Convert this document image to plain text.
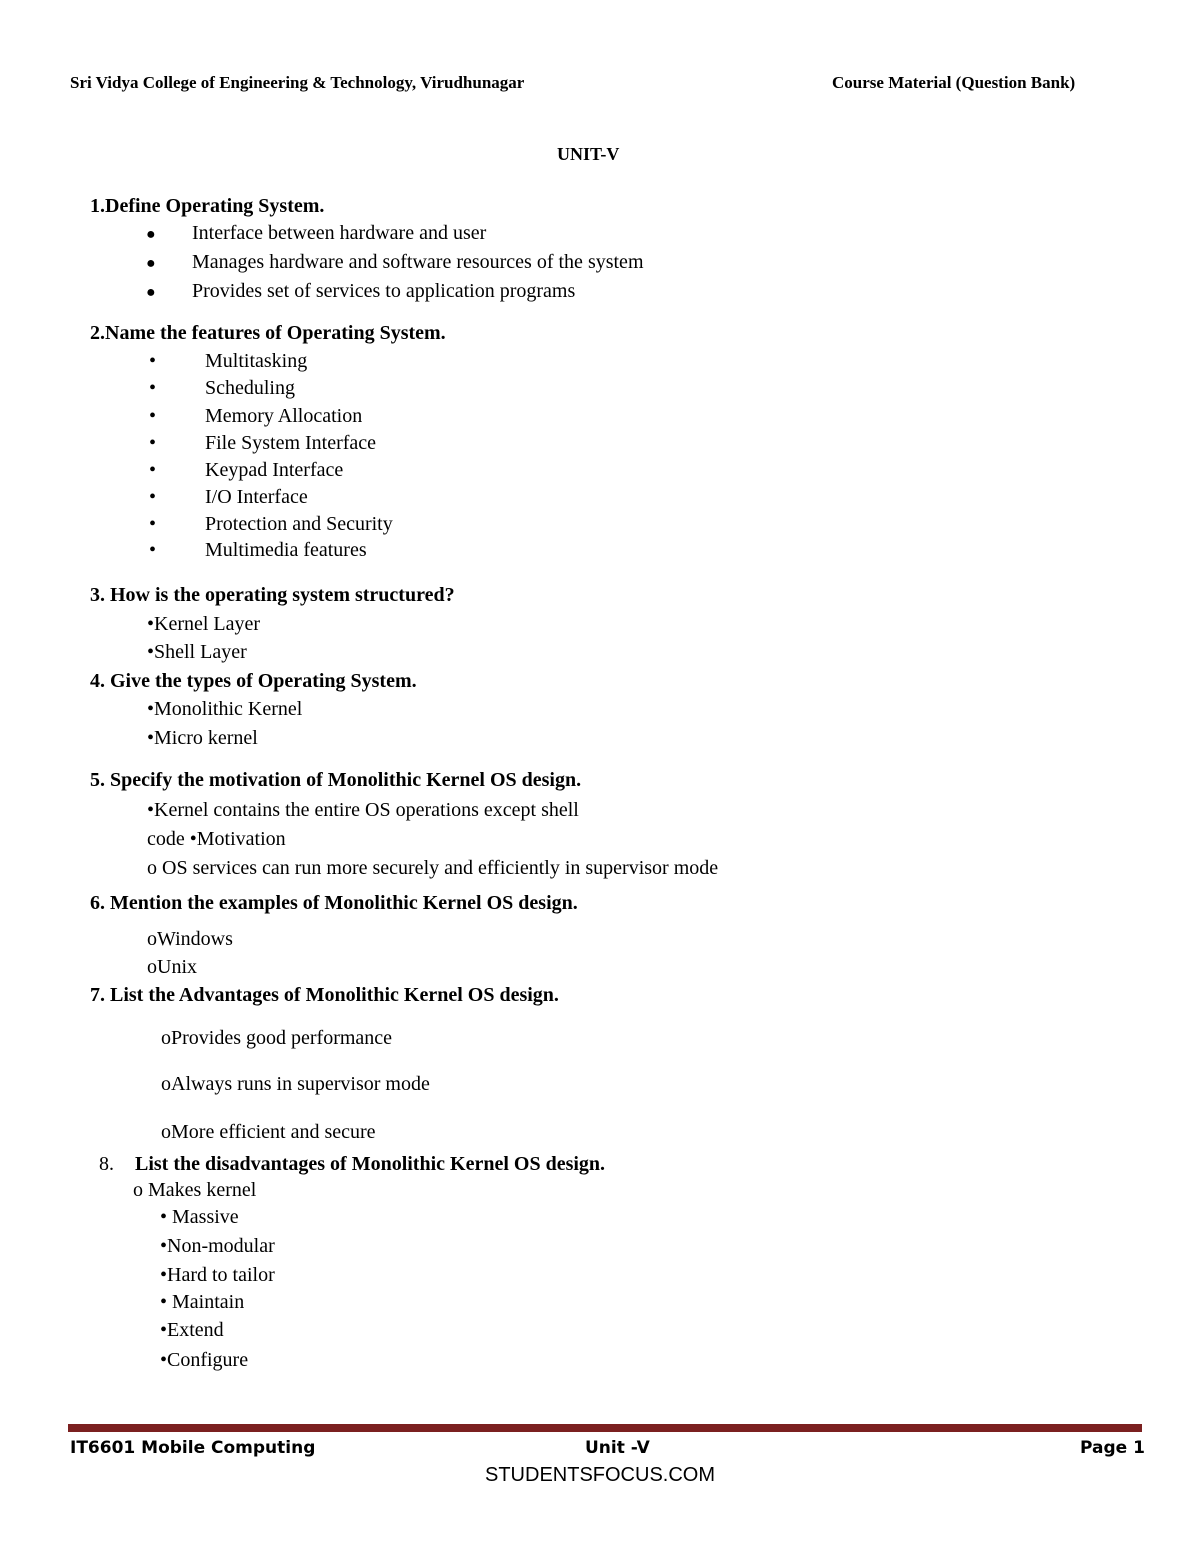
Sri Vidya College of Engineering & Technology, Virudhunagar	Course Material (Question Bank)
UNIT-V
1.Define Operating System.
● Interface between hardware and user
● Manages hardware and software resources of the system
● Provides set of services to application programs
2.Name the features of Operating System.
• Multitasking
• Scheduling
• Memory Allocation
• File System Interface
• Keypad Interface
• I/O Interface
• Protection and Security
• Multimedia features
3. How is the operating system structured?
•Kernel Layer
•Shell Layer
4. Give the types of Operating System.
•Monolithic Kernel
•Micro kernel
5. Specify the motivation of Monolithic Kernel OS design.
•Kernel contains the entire OS operations except shell
code •Motivation
o OS services can run more securely and efficiently in supervisor mode
6. Mention the examples of Monolithic Kernel OS design.
oWindows
oUnix
7. List the Advantages of Monolithic Kernel OS design.
oProvides good performance
oAlways runs in supervisor mode
oMore efficient and secure
8. List the disadvantages of Monolithic Kernel OS design.
o Makes kernel
• Massive
•Non-modular
•Hard to tailor
• Maintain
•Extend
•Configure
IT6601 Mobile Computing	Unit -V	Page 1
STUDENTSFOCUS.COM
